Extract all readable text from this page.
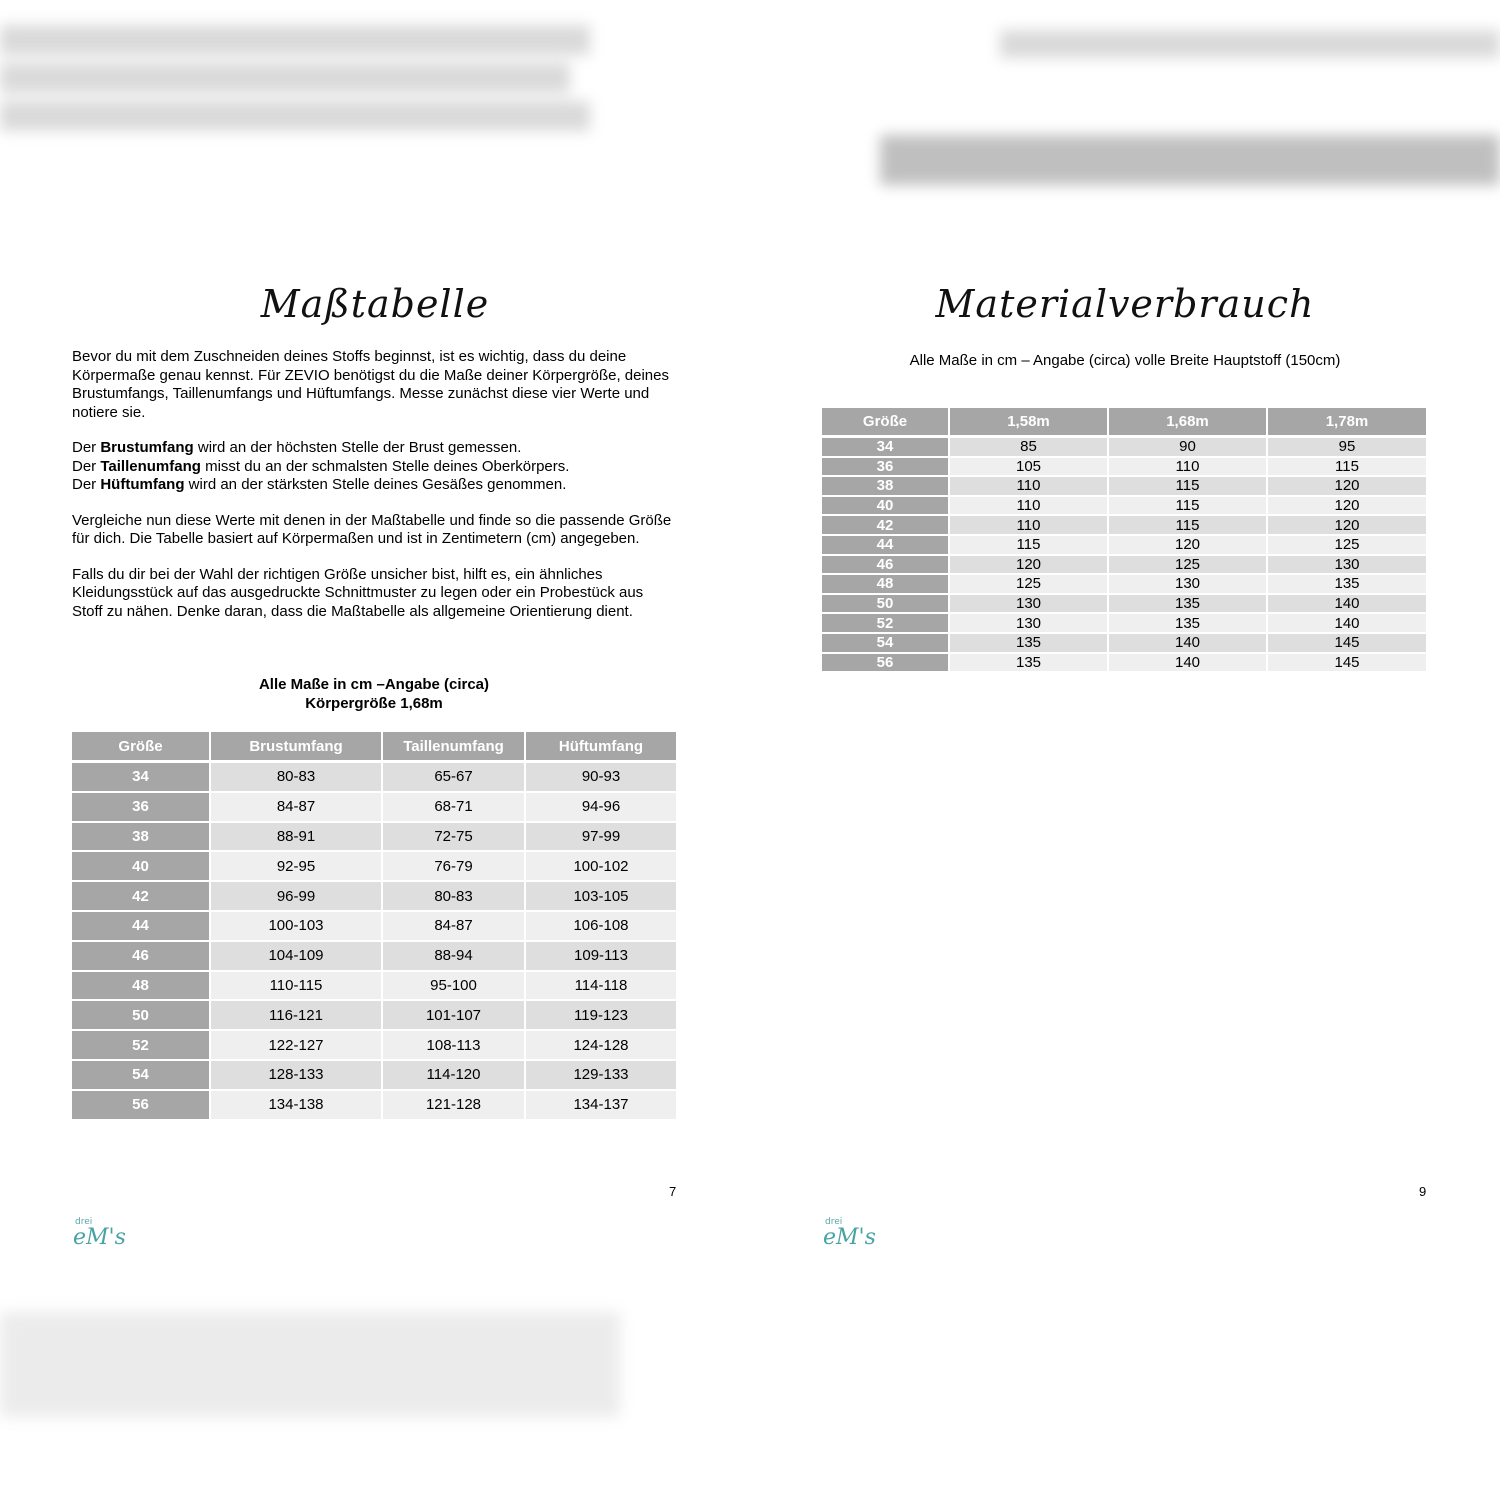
Maßtabelle

Bevor du mit dem Zuschneiden deines Stoffs beginnst, ist es wichtig, dass du deine Körpermaße genau kennst. Für ZEVIO benötigst du die Maße deiner Körpergröße, deines Brustumfangs, Taillenumfangs und Hüftumfangs. Messe zunächst diese vier Werte und notiere sie.

Der Brustumfang wird an der höchsten Stelle der Brust gemessen.
Der Taillenumfang misst du an der schmalsten Stelle deines Oberkörpers.
Der Hüftumfang wird an der stärksten Stelle deines Gesäßes genommen.

Vergleiche nun diese Werte mit denen in der Maßtabelle und finde so die passende Größe für dich. Die Tabelle basiert auf Körpermaßen und ist in Zentimetern (cm) angegeben.

Falls du dir bei der Wahl der richtigen Größe unsicher bist, hilft es, ein ähnliches Kleidungsstück auf das ausgedruckte Schnittmuster zu legen oder ein Probestück aus Stoff zu nähen. Denke daran, dass die Maßtabelle als allgemeine Orientierung dient.

Alle Maße in cm –Angabe (circa)
Körpergröße 1,68m
Größe	Brustumfang	Taillenumfang	Hüftumfang

34	80-83	65-67	90-93
36	84-87	68-71	94-96
38	88-91	72-75	97-99
40	92-95	76-79	100-102
42	96-99	80-83	103-105
44	100-103	84-87	106-108
46	104-109	88-94	109-113
48	110-115	95-100	114-118
50	116-121	101-107	119-123
52	122-127	108-113	124-128
54	128-133	114-120	129-133
56	134-138	121-128	134-137
7
drei
eM's
Materialverbrauch
Alle Maße in cm – Angabe (circa) volle Breite Hauptstoff (150cm)
Größe	1,58m	1,68m	1,78m

34	85	90	95
36	105	110	115
38	110	115	120
40	110	115	120
42	110	115	120
44	115	120	125
46	120	125	130
48	125	130	135
50	130	135	140
52	130	135	140
54	135	140	145
56	135	140	145
9
drei
eM's
